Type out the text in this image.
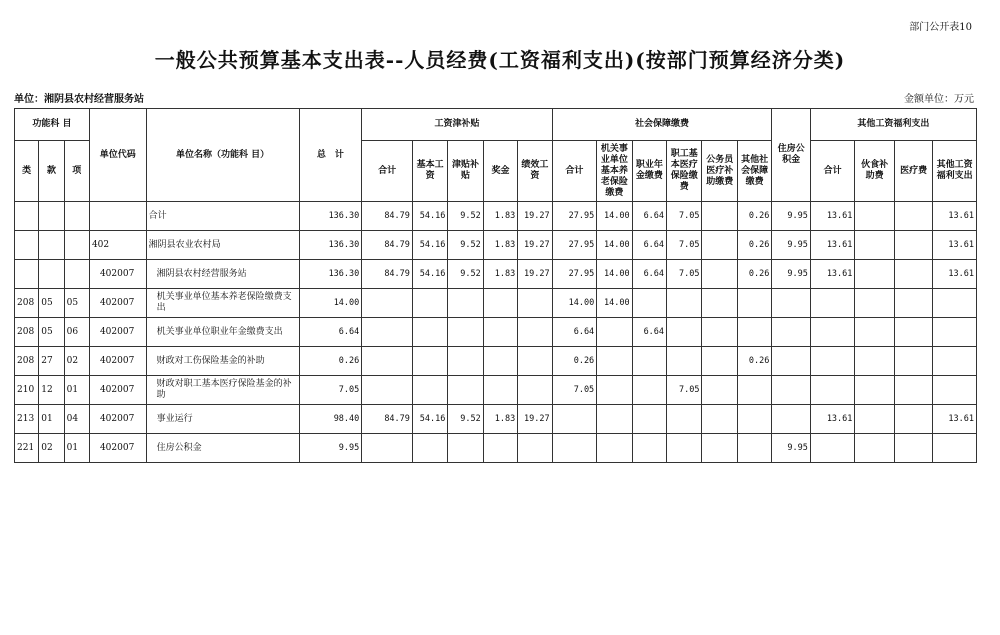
部门公开表10
一般公共预算基本支出表--人员经费(工资福利支出)(按部门预算经济分类)
单位：湘阴县农村经营服务站	金额单位：万元
功能科 目			单位代码	单位名称（功能科 目）	总　计	工资津补贴					社会保障缴费						住房公积金	其他工资福利支出			
类	款	项				合计	基本工资	津贴补贴	奖金	绩效工资	合计	机关事业单位基本养老保险缴费	职业年金缴费	职工基本医疗保险缴费	公务员医疗补助缴费	其他社会保障缴费		合计	伙食补助费	医疗费	其他工资福利支出
				合计	136.30	84.79	54.16	9.52	1.83	19.27	27.95	14.00	6.64	7.05		0.26	9.95	13.61			13.61
			402	湘阴县农业农村局	136.30	84.79	54.16	9.52	1.83	19.27	27.95	14.00	6.64	7.05		0.26	9.95	13.61			13.61
			402007	湘阴县农村经营服务站	136.30	84.79	54.16	9.52	1.83	19.27	27.95	14.00	6.64	7.05		0.26	9.95	13.61			13.61
208	05	05	402007	机关事业单位基本养老保险缴费支出	14.00						14.00	14.00									
208	05	06	402007	机关事业单位职业年金缴费支出	6.64						6.64		6.64								
208	27	02	402007	财政对工伤保险基金的补助	0.26						0.26					0.26					
210	12	01	402007	财政对职工基本医疗保险基金的补助	7.05						7.05			7.05							
213	01	04	402007	事业运行	98.40	84.79	54.16	9.52	1.83	19.27								13.61			13.61
221	02	01	402007	住房公积金	9.95												9.95				
